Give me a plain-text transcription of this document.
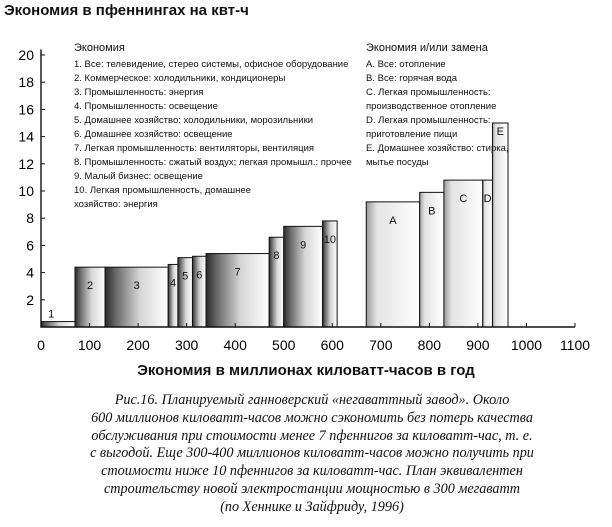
Экономия в пфеннингах на квт-ч
1
2	3	4
5 6	7
8
9 10
A
B
C D
E
2
4
6
8
10
12
14
16
18
20
0 100 200 300 400 500 600 700 800 900 1000 1100
Экономия
1. Все: телевидение, стерео системы, офисное оборудование
2. Коммерческое: холодильники, кондиционеры
3. Промышленность: энергия
4. Промышленность: освещение
5. Домашнее хозяйство: холодильники, морозильники
6. Домашнее хозяйство: освещение
7. Легкая промышленность: вентиляторы, вентиляция
8. Промышленность: сжатый воздух; легкая промышл.: прочее
9. Малый бизнес: освещение
10. Легкая промышленность, домашнее
хозяйство: энергия
Экономия и/или замена
А. Все: отопление
В. Все: горячая вода
С. Легкая промышленность:
производственное отопление
D. Легкая промышленность:
приготовление пищи
Е. Домашнее хозяйство: стирка,
мытье посуды
Экономия в миллионах киловатт-часов в год
Рис.16. Планируемый ганноверский «негаваттный завод». Около
600 миллионов киловатт-часов можно сэкономить без потерь качества
обслуживания при стоимости менее 7 пфеннигов за киловатт-час, т. е.
с выгодой. Еще 300-400 миллионов киловатт-часов можно получить при
стоимости ниже 10 пфеннигов за киловатт-час. План эквивалентен
строительству новой электростанции мощностью в 300 мегаватт
(по Хеннике и Зайфриду, 1996)
